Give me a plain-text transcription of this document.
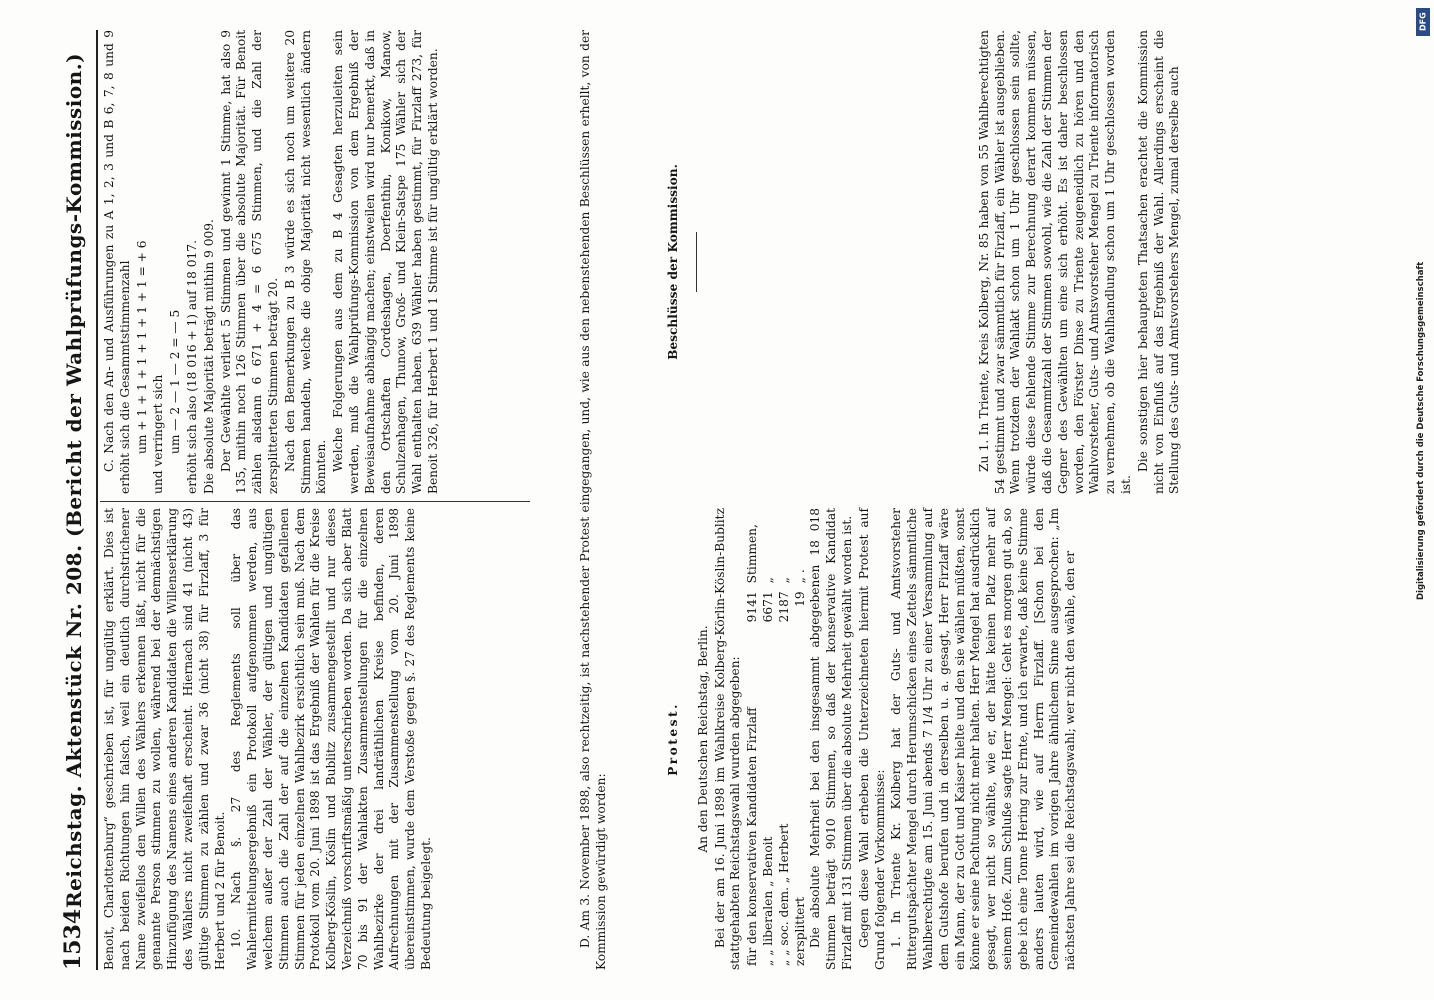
1534
Reichstag. Aktenstück Nr. 208. (Bericht der Wahlprüfungs-Kommission.) Benoit, Charlottenburg“ geschrieben ist, für ungültig erklärt. Dies ist nach beiden Richtungen hin falsch, weil ein deutlich durchstrichener Name zweifellos den Willen des Wählers erkennen läßt, nicht für die genannte Person stimmen zu wollen, während bei der demnächstigen Hinzufügung des Namens eines anderen Kandidaten die Willenserklärung des Wählers nicht zweifelhaft erscheint. Hiernach sind 41 (nicht 43) gültige Stimmen zu zählen und zwar 36 (nicht 38) für Firzlaff, 3 für Herbert und 2 für Benoit. 10. Nach §. 27 des Reglements soll über das Wahlermittelungsergebniß ein Protokoll aufgenommen werden, aus welchem außer der Zahl der Wähler, der gültigen und ungültigen Stimmen auch die Zahl der auf die einzelnen Kandidaten gefallenen Stimmen für jeden einzelnen Wahlbezirk ersichtlich sein muß. Nach dem Protokoll vom 20. Juni 1898 ist das Ergebniß der Wahlen für die Kreise Kolberg-Köslin, Köslin und Bublitz zusammengestellt und nur dieses Verzeichniß vorschriftsmäßig unterschrieben worden. Da sich aber Blatt 70 bis 91 der Wahlakten Zusammenstellungen für die einzelnen Wahlbezirke der drei landräthlichen Kreise befinden, deren Aufrechnungen mit der Zusammenstellung vom 20. Juni 1898 übereinstimmen, wurde dem Verstoße gegen §. 27 des Reglements keine Bedeutung beigelegt.

C. Nach den An- und Ausführungen zu A 1, 2, 3 und B 6, 7, 8 und 9 erhöht sich die Gesammtstimmenzahl um + 1 + 1 + 1 + 1 + 1 + 1 = + 6 und verringert sich um — 2 — 1 — 2 = — 5 erhöht sich also (18 016 + 1) auf 18 017. Die absolute Majorität beträgt mithin 9 009. Der Gewählte verliert 5 Stimmen und gewinnt 1 Stimme, hat also 9 135, mithin noch 126 Stimmen über die absolute Majorität. Für Benoit zählen alsdann 6 671 + 4 = 6 675 Stimmen, und die Zahl der zersplitterten Stimmen beträgt 20. Nach den Bemerkungen zu B 3 würde es sich noch um weitere 20 Stimmen handeln, welche die obige Majorität nicht wesentlich ändern könnten. Welche Folgerungen aus dem zu B 4 Gesagten herzuleiten sein werden, muß die Wahlprüfungs-Kommission von dem Ergebniß der Beweisaufnahme abhängig machen; einstweilen wird nur bemerkt, daß in den Ortschaften Cordeshagen, Doerfenthin, Konikow, Manow, Schulzenhagen, Thunow, Groß- und Klein-Satspe 175 Wähler sich der Wahl enthalten haben. 639 Wähler haben gestimmt, für Firzlaff 273, für Benoit 326, für Herbert 1 und 1 Stimme ist für ungültig erklärt worden.	D. Am 3. November 1898, also rechtzeitig, ist nachstehender Protest eingegangen, und, wie aus den nebenstehenden Beschlüssen erhellt, von der Kommission gewürdigt worden:

Protest. An den Deutschen Reichstag, Berlin. Bei der am 16. Juni 1898 im Wahlkreise Kolberg-Körlin-Köslin-Bublitz stattgehabten Reichstagswahl wurden abgegeben: für den konservativen Kandidaten Firzlaff	9141	Stimmen,
„ „ liberalen „ Benoit	6671	„
„ „ soc. dem. „ Herbert	2187	„
zersplittert	19	„ . Die absolute Mehrheit bei den insgesammt abgegebenen 18 018 Stimmen beträgt 9010 Stimmen, so daß der konservative Kandidat Firzlaff mit 131 Stimmen über die absolute Mehrheit gewählt worden ist. Gegen diese Wahl erheben die Unterzeichneten hiermit Protest auf Grund folgender Vorkommnisse: 1. In Triente Kr. Kolberg hat der Guts- und Amtsvorsteher Rittergutspächter Mengel durch Herumschicken eines Zettels sämmtliche Wahlberechtigte am 15. Juni abends 7 1/4 Uhr zu einer Versammlung auf dem Gutshofe berufen und in derselben u. a. gesagt, Herr Firzlaff wäre ein Mann, der zu Gott und Kaiser hielte und den sie wählen müßten, sonst könne er seine Pachtung nicht mehr halten. Herr Mengel hat ausdrücklich gesagt, wer nicht so wählte, wie er, der hätte keinen Platz mehr auf seinem Hofe. Zum Schluße sagte Herr Mengel: Geht es morgen gut ab, so gebe ich eine Tonne Hering zur Ernte, und ich erwarte, daß keine Stimme anders lauten wird, wie auf Herrn Firzlaff. [Schon bei den Gemeindewahlen im vorigen Jahre ähnlichem Sinne ausgesprochen: „Im nächsten Jahre sei die Reichstagswahl; wer nicht den wähle, den er

Beschlüsse der Kommission.	Zu 1. In Triente, Kreis Kolberg, Nr. 85 haben von 55 Wahlberechtigten 54 gestimmt und zwar sämmtlich für Firzlaff, ein Wähler ist ausgeblieben. Wenn trotzdem der Wahlakt schon um 1 Uhr geschlossen sein sollte, würde diese fehlende Stimme zur Berechnung derart kommen müssen, daß die Gesammtzahl der Stimmen sowohl, wie die Zahl der Stimmen der Gegner des Gewählten um eine sich erhöht. Es ist daher beschlossen worden, den Förster Dinse zu Triente zeugeneidlich zu hören und den Wahlvorsteher, Guts- und Amtsvorsteher Mengel zu Triente informatorisch zu vernehmen, ob die Wahlhandlung schon um 1 Uhr geschlossen worden ist.

Die sonstigen hier behaupteten Thatsachen erachtet die Kommission nicht von Einfluß auf das Ergebniß der Wahl. Allerdings erscheint die Stellung des Guts- und Amtsvorstehers Mengel, zumal derselbe auch

DFG
Digitalisierung gefördert durch die Deutsche Forschungsgemeinschaft
